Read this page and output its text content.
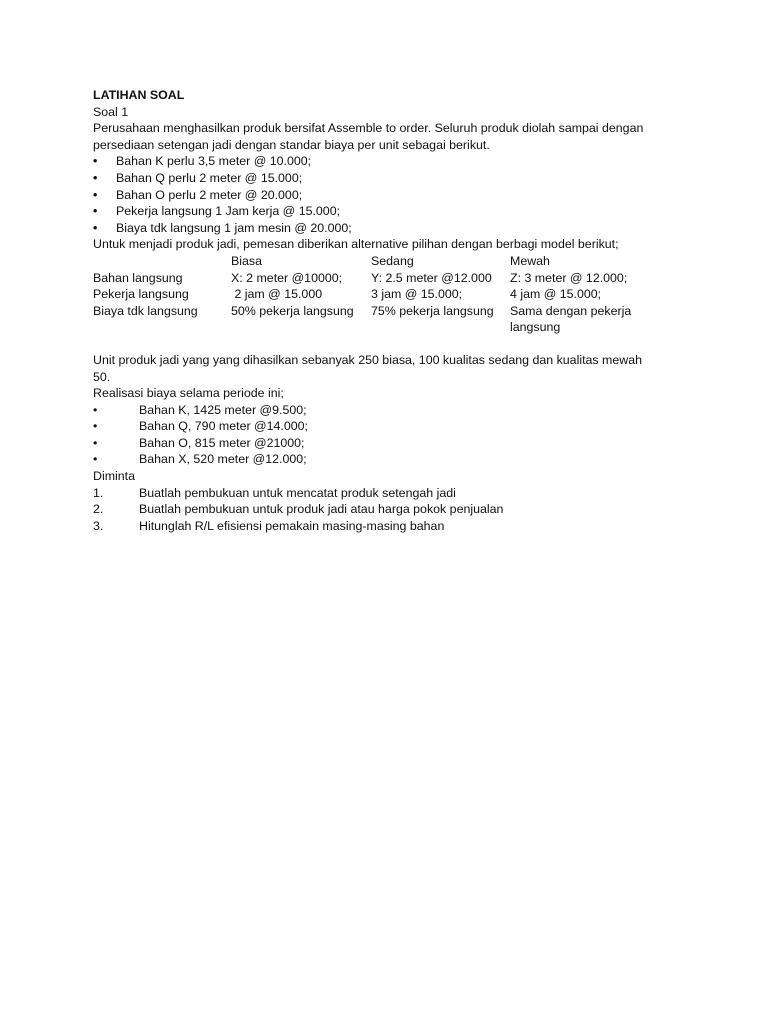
LATIHAN SOAL
Soal 1
Perusahaan menghasilkan produk bersifat Assemble to order. Seluruh produk diolah sampai dengan
persediaan setengan jadi dengan standar biaya per unit sebagai berikut.
• Bahan K perlu 3,5 meter @ 10.000;
• Bahan Q perlu 2 meter @ 15.000;
• Bahan O perlu 2 meter @ 20.000;
• Pekerja langsung 1 Jam kerja @ 15.000;
• Biaya tdk langsung 1 jam mesin @ 20.000;
Untuk menjadi produk jadi, pemesan diberikan alternative pilihan dengan berbagi model berikut;
	Biasa	Sedang	Mewah
Bahan langsung	X: 2 meter @10000;	Y: 2.5 meter @12.000	Z: 3 meter @ 12.000;
Pekerja langsung	2 jam @ 15.000	3 jam @ 15.000;	4 jam @ 15.000;
Biaya tdk langsung	50% pekerja langsung	75% pekerja langsung	Sama dengan pekerja langsung
Unit produk jadi yang yang dihasilkan sebanyak 250 biasa, 100 kualitas sedang dan kualitas mewah
50.
Realisasi biaya selama periode ini;
• Bahan K, 1425 meter @9.500;
• Bahan Q, 790 meter @14.000;
• Bahan O, 815 meter @21000;
• Bahan X, 520 meter @12.000;
Diminta
1.	Buatlah pembukuan untuk mencatat produk setengah jadi
2.	Buatlah pembukuan untuk produk jadi atau harga pokok penjualan
3.	Hitunglah R/L efisiensi pemakain masing-masing bahan
